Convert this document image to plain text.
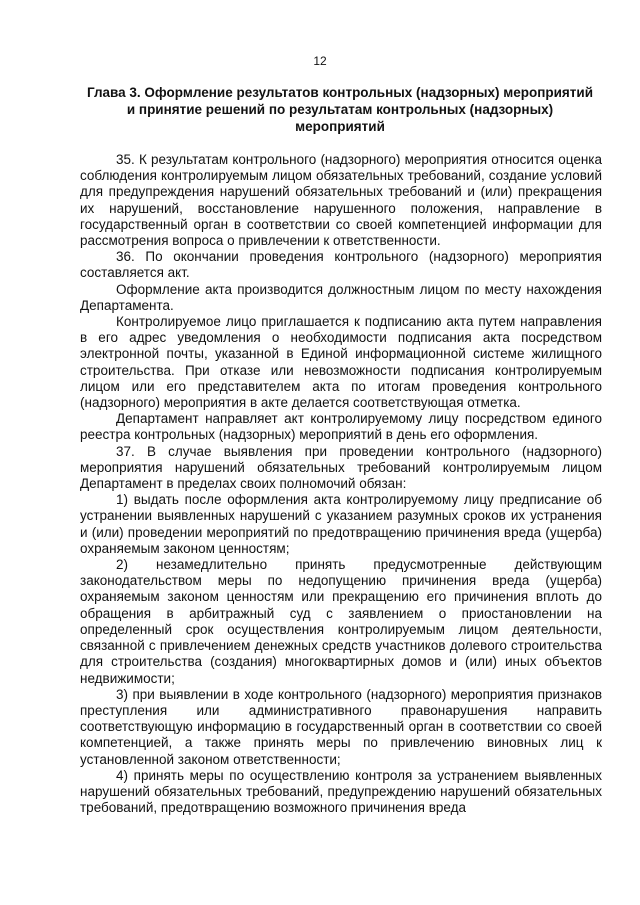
12
Глава 3. Оформление результатов контрольных (надзорных) мероприятий
и принятие решений по результатам контрольных (надзорных)
мероприятий

35. К результатам контрольного (надзорного) мероприятия относится оценка соблюдения контролируемым лицом обязательных требований, создание условий для предупреждения нарушений обязательных требований и (или) прекращения их нарушений, восстановление нарушенного положения, направление в государственный орган в соответствии со своей компетенцией информации для рассмотрения вопроса о привлечении к ответственности.

36. По окончании проведения контрольного (надзорного) мероприятия составляется акт.

Оформление акта производится должностным лицом по месту нахождения Департамента.

Контролируемое лицо приглашается к подписанию акта путем направления в его адрес уведомления о необходимости подписания акта посредством электронной почты, указанной в Единой информационной системе жилищного строительства. При отказе или невозможности подписания контролируемым лицом или его представителем акта по итогам проведения контрольного (надзорного) мероприятия в акте делается соответствующая отметка.

Департамент направляет акт контролируемому лицу посредством единого реестра контрольных (надзорных) мероприятий в день его оформления.

37. В случае выявления при проведении контрольного (надзорного) мероприятия нарушений обязательных требований контролируемым лицом Департамент в пределах своих полномочий обязан:

1) выдать после оформления акта контролируемому лицу предписание об устранении выявленных нарушений с указанием разумных сроков их устранения и (или) проведении мероприятий по предотвращению причинения вреда (ущерба) охраняемым законом ценностям;

2) незамедлительно принять предусмотренные действующим законодательством меры по недопущению причинения вреда (ущерба) охраняемым законом ценностям или прекращению его причинения вплоть до обращения в арбитражный суд с заявлением о приостановлении на определенный срок осуществления контролируемым лицом деятельности, связанной с привлечением денежных средств участников долевого строительства для строительства (создания) многоквартирных домов и (или) иных объектов недвижимости;

3) при выявлении в ходе контрольного (надзорного) мероприятия признаков преступления или административного правонарушения направить соответствующую информацию в государственный орган в соответствии со своей компетенцией, а также принять меры по привлечению виновных лиц к установленной законом ответственности;

4) принять меры по осуществлению контроля за устранением выявленных нарушений обязательных требований, предупреждению нарушений обязательных требований, предотвращению возможного причинения вреда
